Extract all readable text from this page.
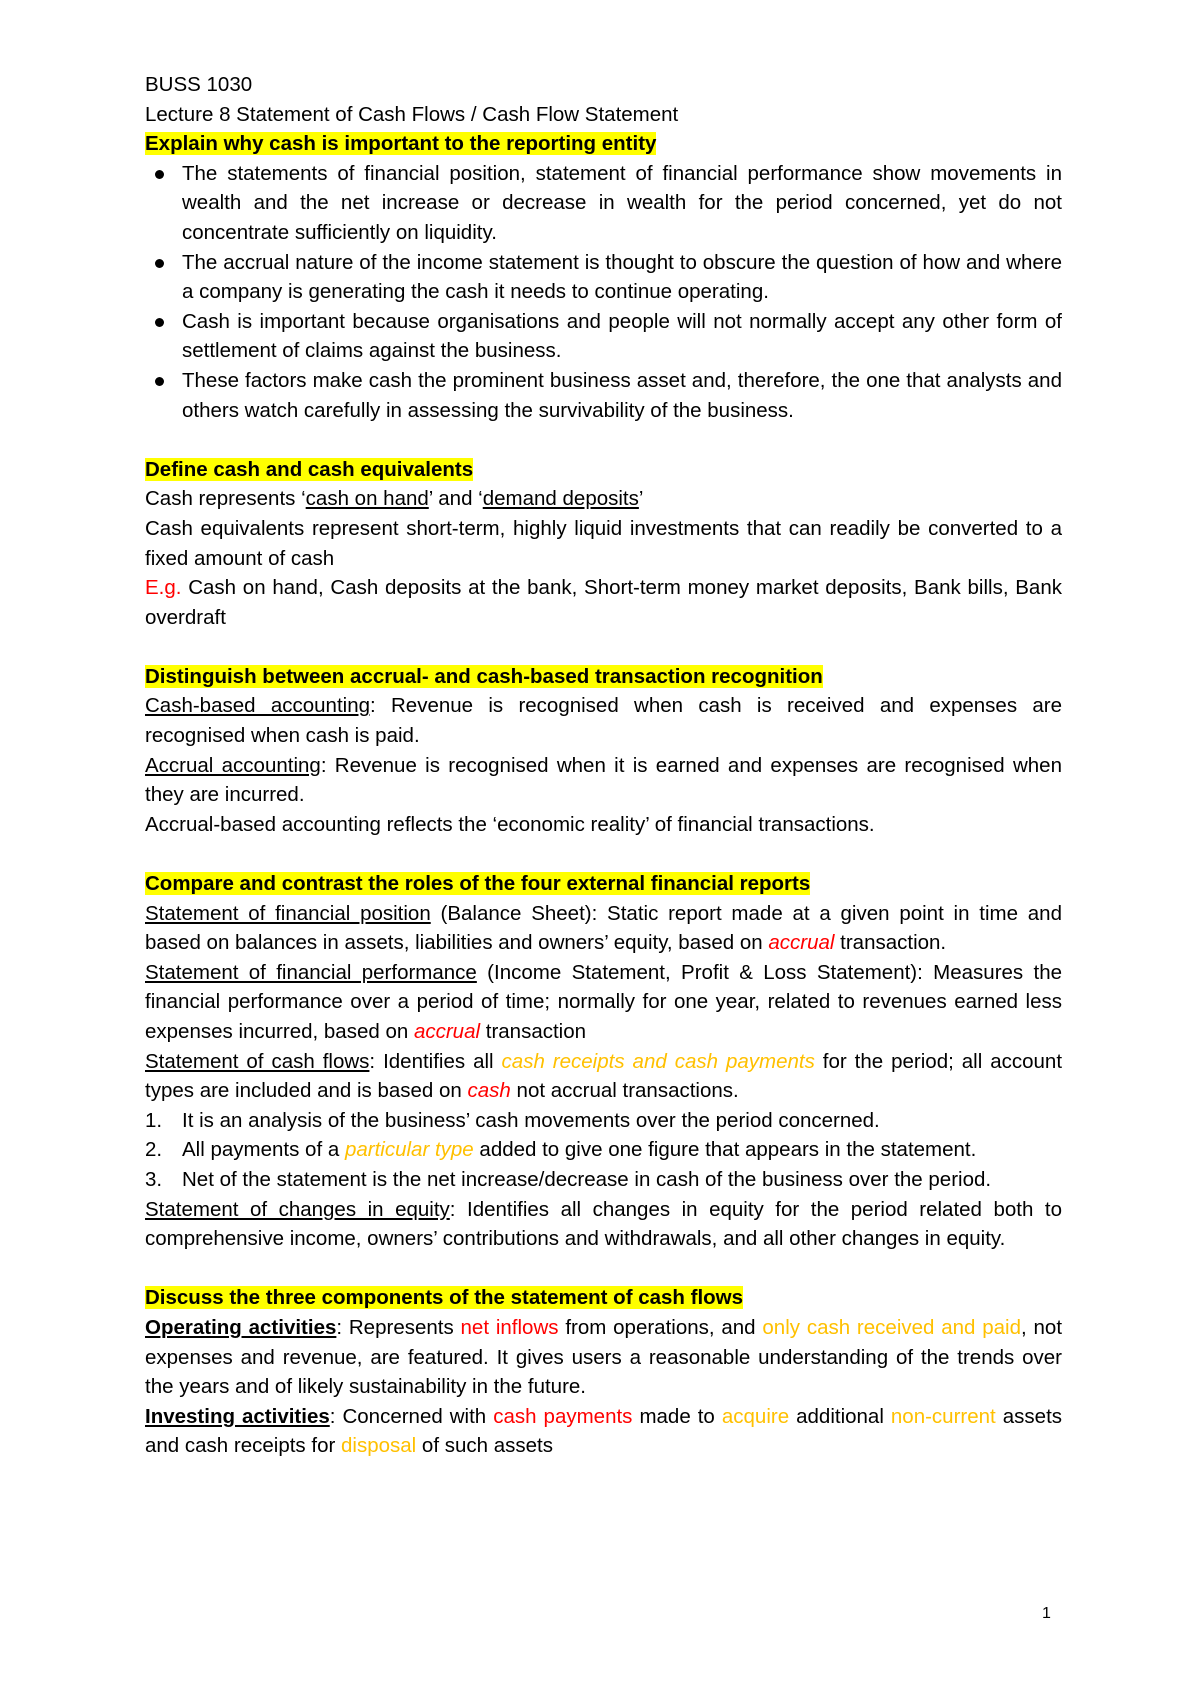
BUSS 1030
Lecture 8 Statement of Cash Flows / Cash Flow Statement
Explain why cash is important to the reporting entity
The statements of financial position, statement of financial performance show movements in wealth and the net increase or decrease in wealth for the period concerned, yet do not concentrate sufficiently on liquidity.
The accrual nature of the income statement is thought to obscure the question of how and where a company is generating the cash it needs to continue operating.
Cash is important because organisations and people will not normally accept any other form of settlement of claims against the business.
These factors make cash the prominent business asset and, therefore, the one that analysts and others watch carefully in assessing the survivability of the business.
Define cash and cash equivalents
Cash represents ‘cash on hand’ and ‘demand deposits’
Cash equivalents represent short-term, highly liquid investments that can readily be converted to a fixed amount of cash
E.g. Cash on hand, Cash deposits at the bank, Short-term money market deposits, Bank bills, Bank overdraft
Distinguish between accrual- and cash-based transaction recognition
Cash-based accounting: Revenue is recognised when cash is received and expenses are recognised when cash is paid.
Accrual accounting: Revenue is recognised when it is earned and expenses are recognised when they are incurred.
Accrual-based accounting reflects the ‘economic reality’ of financial transactions.
Compare and contrast the roles of the four external financial reports
Statement of financial position (Balance Sheet): Static report made at a given point in time and based on balances in assets, liabilities and owners’ equity, based on accrual transaction.
Statement of financial performance (Income Statement, Profit & Loss Statement): Measures the financial performance over a period of time; normally for one year, related to revenues earned less expenses incurred, based on accrual transaction
Statement of cash flows: Identifies all cash receipts and cash payments for the period; all account types are included and is based on cash not accrual transactions.
1. It is an analysis of the business’ cash movements over the period concerned.
2. All payments of a particular type added to give one figure that appears in the statement.
3. Net of the statement is the net increase/decrease in cash of the business over the period.
Statement of changes in equity: Identifies all changes in equity for the period related both to comprehensive income, owners’ contributions and withdrawals, and all other changes in equity.
Discuss the three components of the statement of cash flows
Operating activities: Represents net inflows from operations, and only cash received and paid, not expenses and revenue, are featured. It gives users a reasonable understanding of the trends over the years and of likely sustainability in the future.
Investing activities: Concerned with cash payments made to acquire additional non-current assets and cash receipts for disposal of such assets
1
